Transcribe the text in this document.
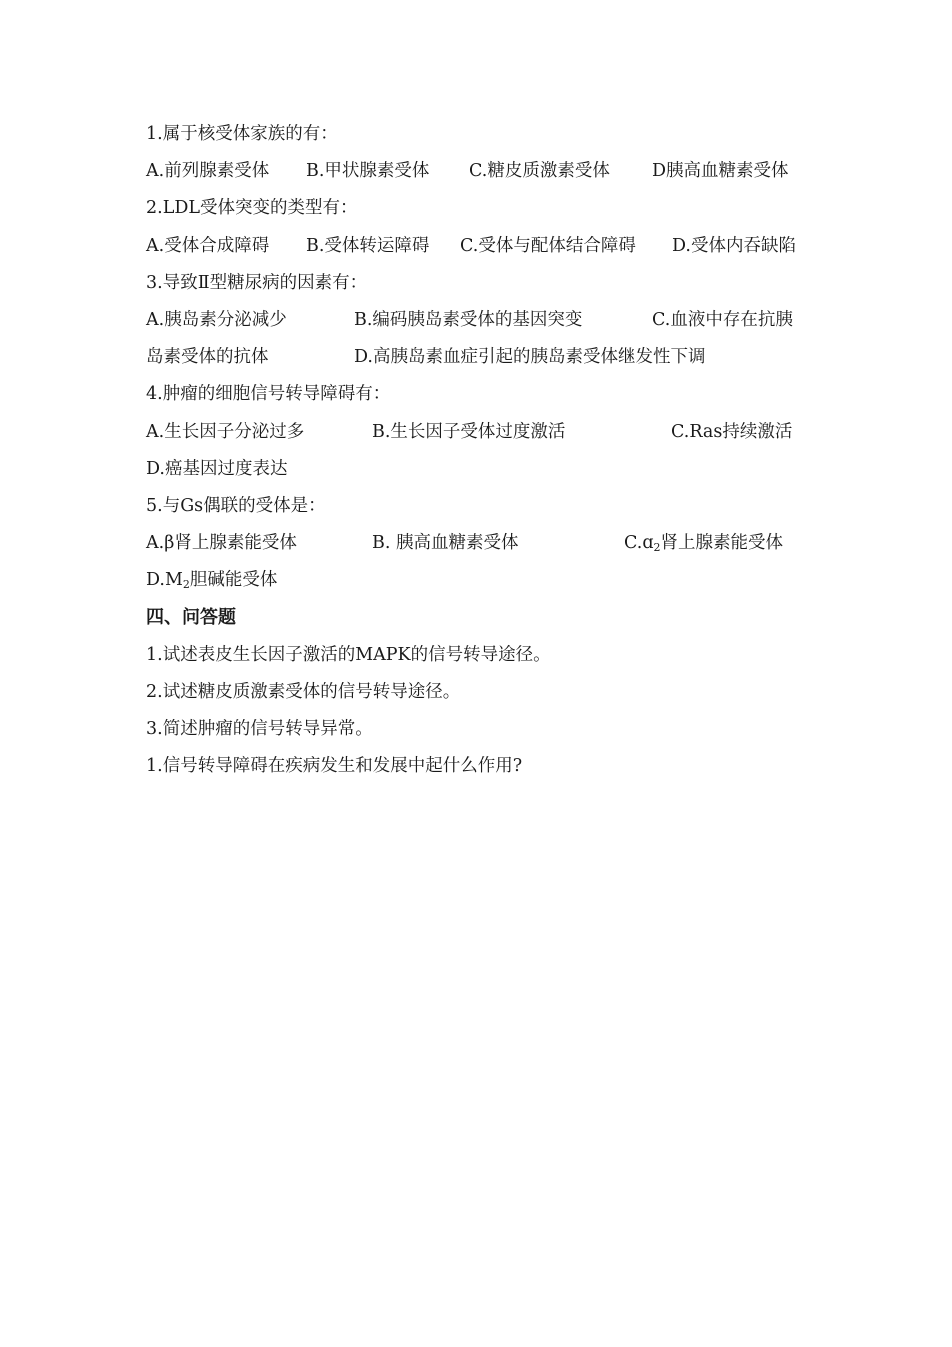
1.属于核受体家族的有：
A.前列腺素受体 B.甲状腺素受体 C.糖皮质激素受体 D胰高血糖素受体
2.LDL受体突变的类型有：
A.受体合成障碍 B.受体转运障碍 C.受体与配体结合障碍 D.受体内吞缺陷
3.导致Ⅱ型糖尿病的因素有：
A.胰岛素分泌减少	B.编码胰岛素受体的基因突变	C.血液中存在抗胰
岛素受体的抗体	D.高胰岛素血症引起的胰岛素受体继发性下调
4.肿瘤的细胞信号转导障碍有：
A.生长因子分泌过多	B.生长因子受体过度激活	C.Ras持续激活
D.癌基因过度表达
5.与Gs偶联的受体是：
A.β肾上腺素能受体	B. 胰高血糖素受体	C.ɑ$_2$肾上腺素能受体
$D.M_2$胆碱能受体
四、问答题
1.试述表皮生长因子激活的MAPK的信号转导途径。
2.试述糖皮质激素受体的信号转导途径。
3.简述肿瘤的信号转导异常。
1.信号转导障碍在疾病发生和发展中起什么作用?
